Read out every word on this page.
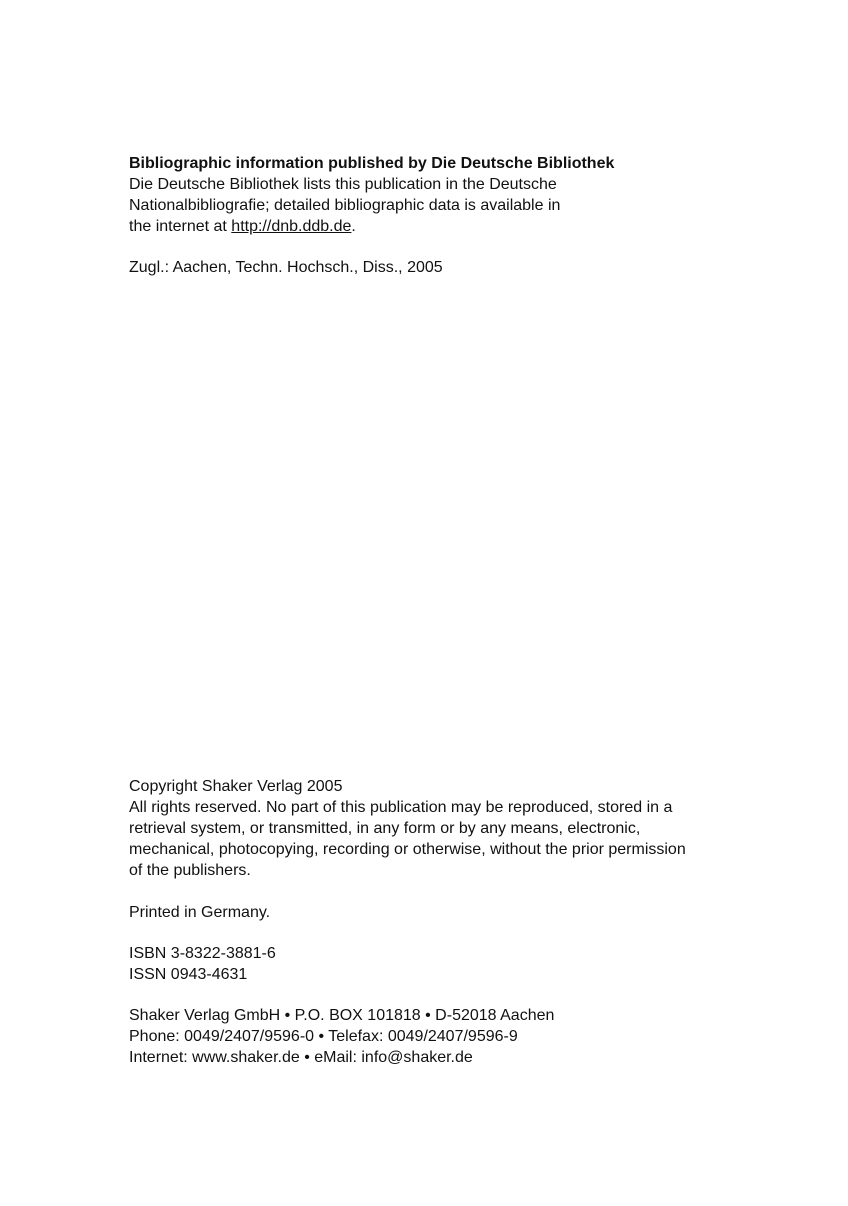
Bibliographic information published by Die Deutsche Bibliothek
Die Deutsche Bibliothek lists this publication in the Deutsche
Nationalbibliografie; detailed bibliographic data is available in
the internet at http://dnb.ddb.de.
Zugl.: Aachen, Techn. Hochsch., Diss., 2005
Copyright Shaker Verlag 2005
All rights reserved. No part of this publication may be reproduced, stored in a
retrieval system, or transmitted, in any form or by any means, electronic,
mechanical, photocopying, recording or otherwise, without the prior permission
of the publishers.
Printed in Germany.
ISBN 3-8322-3881-6
ISSN 0943-4631
Shaker Verlag GmbH • P.O. BOX 101818 • D-52018 Aachen
Phone: 0049/2407/9596-0 • Telefax: 0049/2407/9596-9
Internet: www.shaker.de • eMail: info@shaker.de
